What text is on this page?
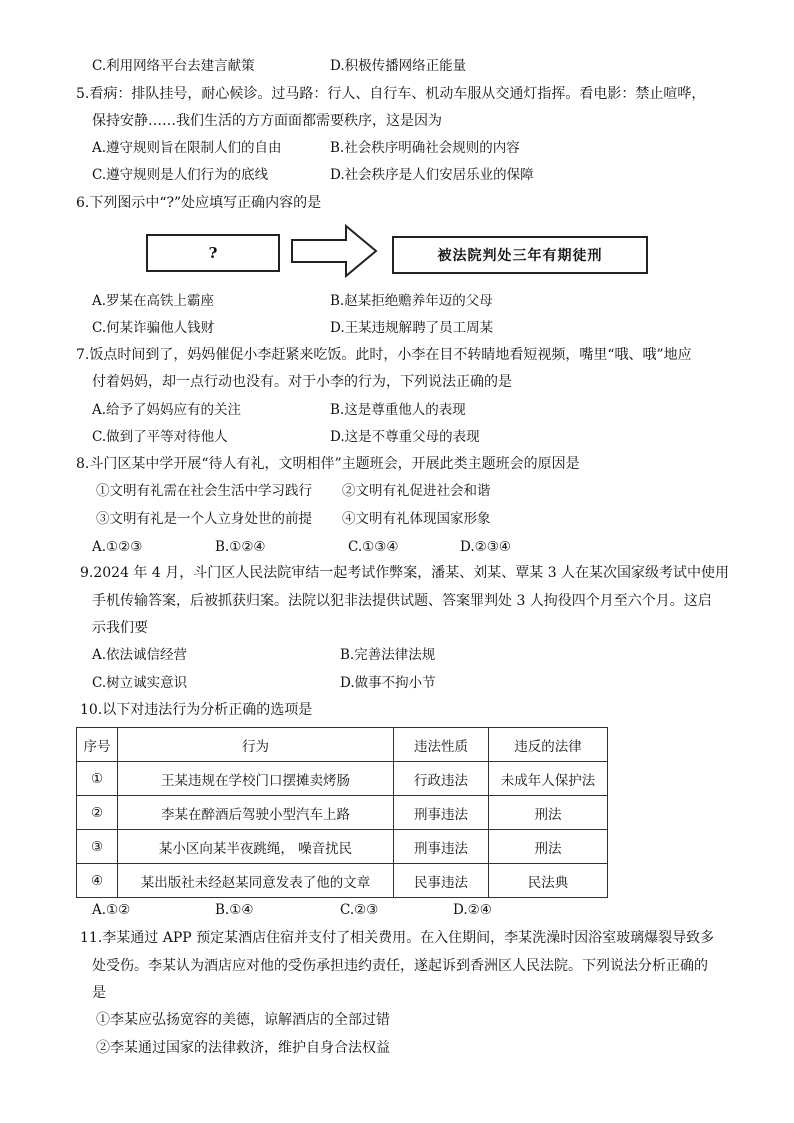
C.利用网络平台去建言献策	D.积极传播网络正能量
5.看病：排队挂号，耐心候诊。过马路：行人、自行车、机动车服从交通灯指挥。看电影：禁止喧哗，
保持安静……我们生活的方方面面都需要秩序，这是因为
A.遵守规则旨在限制人们的自由	B.社会秩序明确社会规则的内容
C.遵守规则是人们行为的底线	D.社会秩序是人们安居乐业的保障
6.下列图示中“?”处应填写正确内容的是
?	被法院判处三年有期徒刑
A.罗某在高铁上霸座	B.赵某拒绝赡养年迈的父母
C.何某诈骗他人钱财	D.王某违规解聘了员工周某
7.饭点时间到了，妈妈催促小李赶紧来吃饭。此时，小李在目不转睛地看短视频，嘴里“哦、哦”地应
付着妈妈，却一点行动也没有。对于小李的行为，下列说法正确的是
A.给予了妈妈应有的关注	B.这是尊重他人的表现
C.做到了平等对待他人	D.这是不尊重父母的表现
8.斗门区某中学开展“待人有礼，文明相伴”主题班会，开展此类主题班会的原因是
①文明有礼需在社会生活中学习践行 ②文明有礼促进社会和谐
③文明有礼是一个人立身处世的前提 ④文明有礼体现国家形象
A.①②③	B.①②④	C.①③④	D.②③④
9.2024 年 4 月，斗门区人民法院审结一起考试作弊案，潘某、刘某、覃某 3 人在某次国家级考试中使用
手机传输答案，后被抓获归案。法院以犯非法提供试题、答案罪判处 3 人拘役四个月至六个月。这启
示我们要
A.依法诚信经营	B.完善法律法规
C.树立诚实意识	D.做事不拘小节
10.以下对违法行为分析正确的选项是
序号	行为	违法性质	违反的法律
①	王某违规在学校门口摆摊卖烤肠	行政违法	未成年人保护法
②	李某在醉酒后驾驶小型汽车上路	刑事违法	刑法
③	某小区向某半夜跳绳， 噪音扰民	刑事违法	刑法
④	某出版社未经赵某同意发表了他的文章	民事违法	民法典
A.①②	B.①④	C.②③	D.②④
11.李某通过 APP 预定某酒店住宿并支付了相关费用。在入住期间，李某洗澡时因浴室玻璃爆裂导致多
处受伤。李某认为酒店应对他的受伤承担违约责任，遂起诉到香洲区人民法院。下列说法分析正确的
是
①李某应弘扬宽容的美德，谅解酒店的全部过错
②李某通过国家的法律救济，维护自身合法权益
